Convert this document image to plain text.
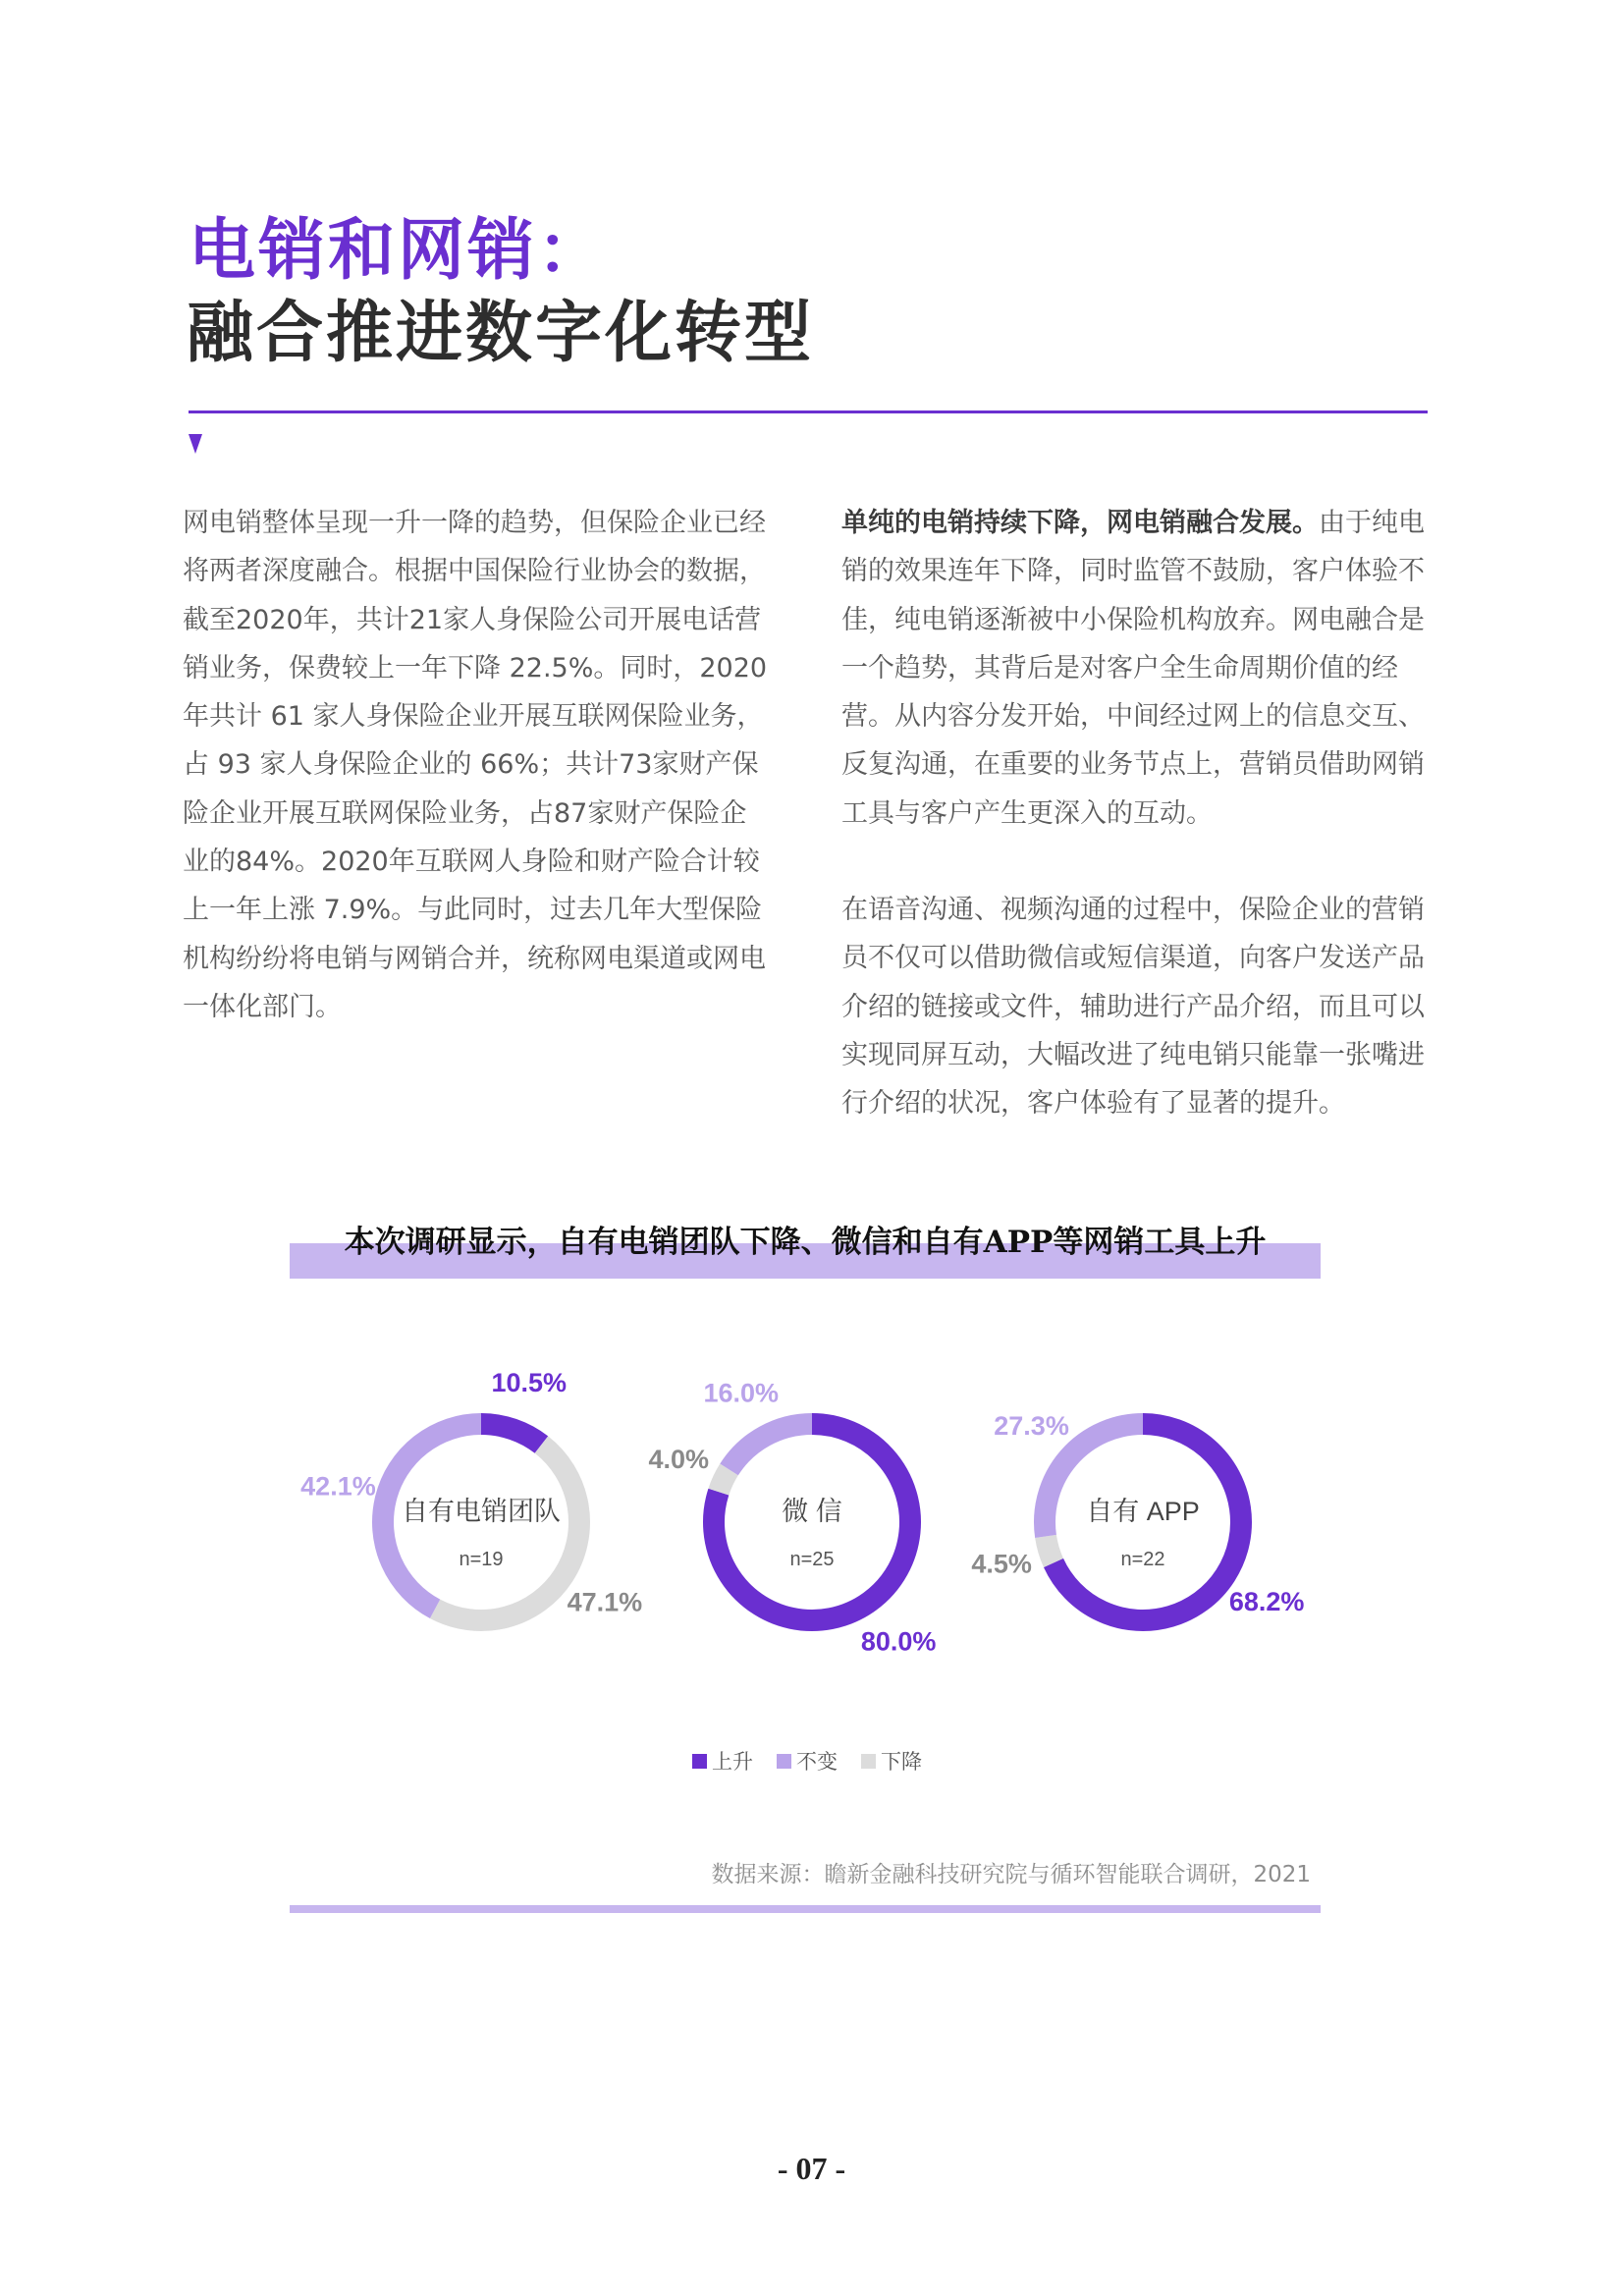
电销和网销：
融合推进数字化转型

网电销整体呈现一升一降的趋势，但保险企业已经将两者深度融合。根据中国保险行业协会的数据，截至2020年，共计21家人身保险公司开展电话营销业务，保费较上一年下降 22.5%。同时，2020年共计 61 家人身保险企业开展互联网保险业务，占 93 家人身保险企业的 66%；共计73家财产保险企业开展互联网保险业务，占87家财产保险企业的84%。2020年互联网人身险和财产险合计较上一年上涨 7.9%。与此同时，过去几年大型保险机构纷纷将电销与网销合并，统称网电渠道或网电一体化部门。

单纯的电销持续下降，网电销融合发展。由于纯电销的效果连年下降，同时监管不鼓励，客户体验不佳，纯电销逐渐被中小保险机构放弃。网电融合是一个趋势，其背后是对客户全生命周期价值的经营。从内容分发开始，中间经过网上的信息交互、反复沟通，在重要的业务节点上，营销员借助网销工具与客户产生更深入的互动。

在语音沟通、视频沟通的过程中，保险企业的营销员不仅可以借助微信或短信渠道，向客户发送产品介绍的链接或文件，辅助进行产品介绍，而且可以实现同屏互动，大幅改进了纯电销只能靠一张嘴进行介绍的状况，客户体验有了显著的提升。

本次调研显示，自有电销团队下降、微信和自有APP等网销工具上升
10.5%
47.1%
42.1%
自有电销团队
n=19
80.0%
4.0%
16.0%
微 信
n=25
68.2%
4.5%
27.3%
自有 APP
n=22
上升 不变 下降
数据来源：瞻新金融科技研究院与循环智能联合调研，2021
- 07 -
